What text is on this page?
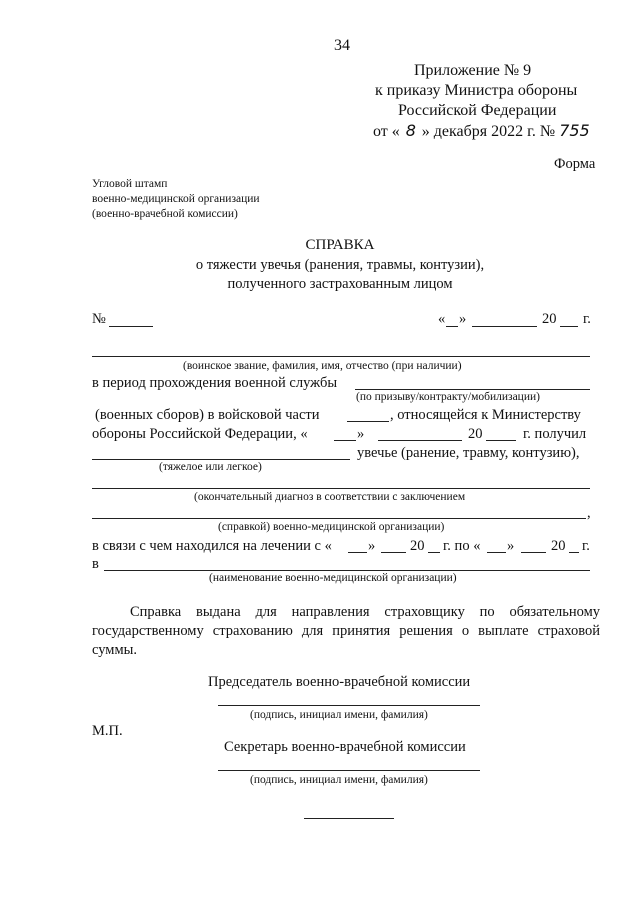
34
Приложение № 9
к приказу Министра обороны
Российской Федерации
от « 8 » декабря 2022 г. № 755
Форма
Угловой штамп
военно-медицинской организации
(военно-врачебной комиссии)
СПРАВКА
о тяжести увечья (ранения, травмы, контузии),
полученного застрахованным лицом
№	« »	20 г.
(воинское звание, фамилия, имя, отчество (при наличии)
в период прохождения военной службы
(по призыву/контракту/мобилизации)
(военных сборов) в войсковой части	, относящейся к Министерству
обороны Российской Федерации, «	»	20	г. получил
увечье (ранение, травму, контузию),
(тяжелое или легкое)
(окончательный диагноз в соответствии с заключением
,
(справкой) военно-медицинской организации)
в связи с чем находился на лечении с « » 20 г. по « »	20 г.
в
(наименование военно-медицинской организации)
Справка выдана для направления страховщику по обязательному государственному страхованию для принятия решения о выплате страховой суммы.
Председатель военно-врачебной комиссии
(подпись, инициал имени, фамилия)
М.П.
Секретарь военно-врачебной комиссии
(подпись, инициал имени, фамилия)
